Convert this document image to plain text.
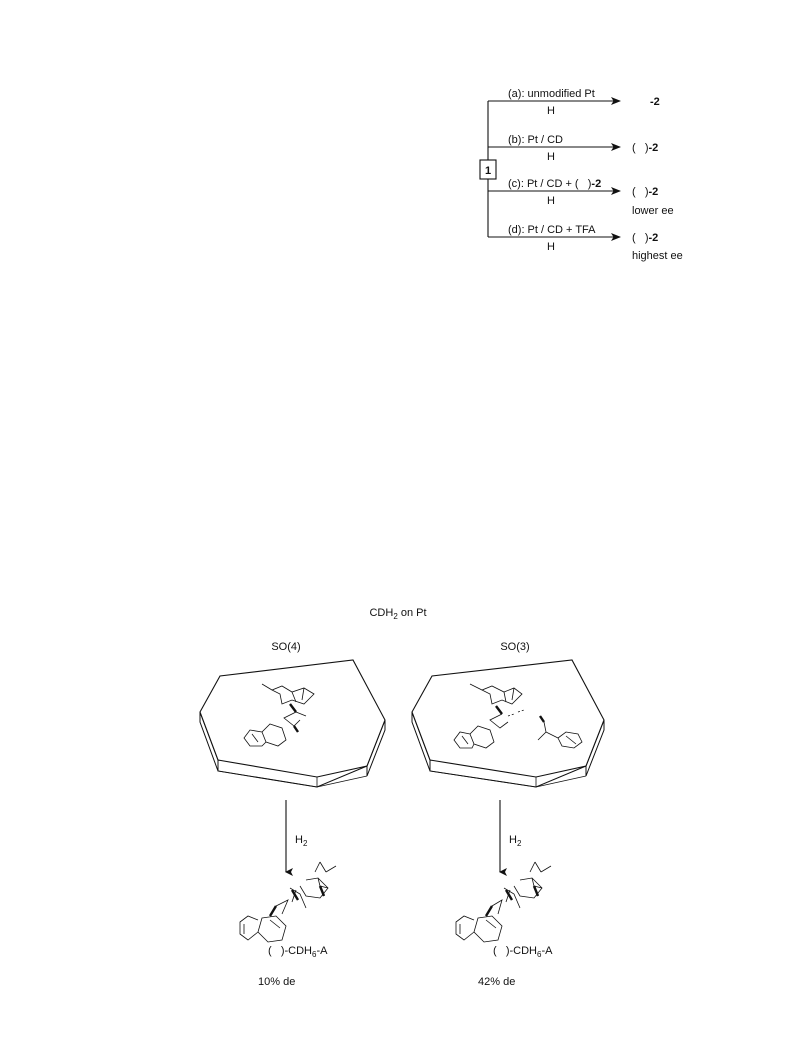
1
(a): unmodified Pt
H
-2
(b): Pt / CD
H
(   )-2
(c): Pt / CD + (   )-2
H
(   )-2
lower ee
(d): Pt / CD + TFA
H
(   )-2
highest ee
$CDH_2$ on Pt
SO(4)
$H_2$
(   )$-CDH_6-A$
10% de
SO(3)
$H_2$
(   )$-CDH_6-A$
42% de
